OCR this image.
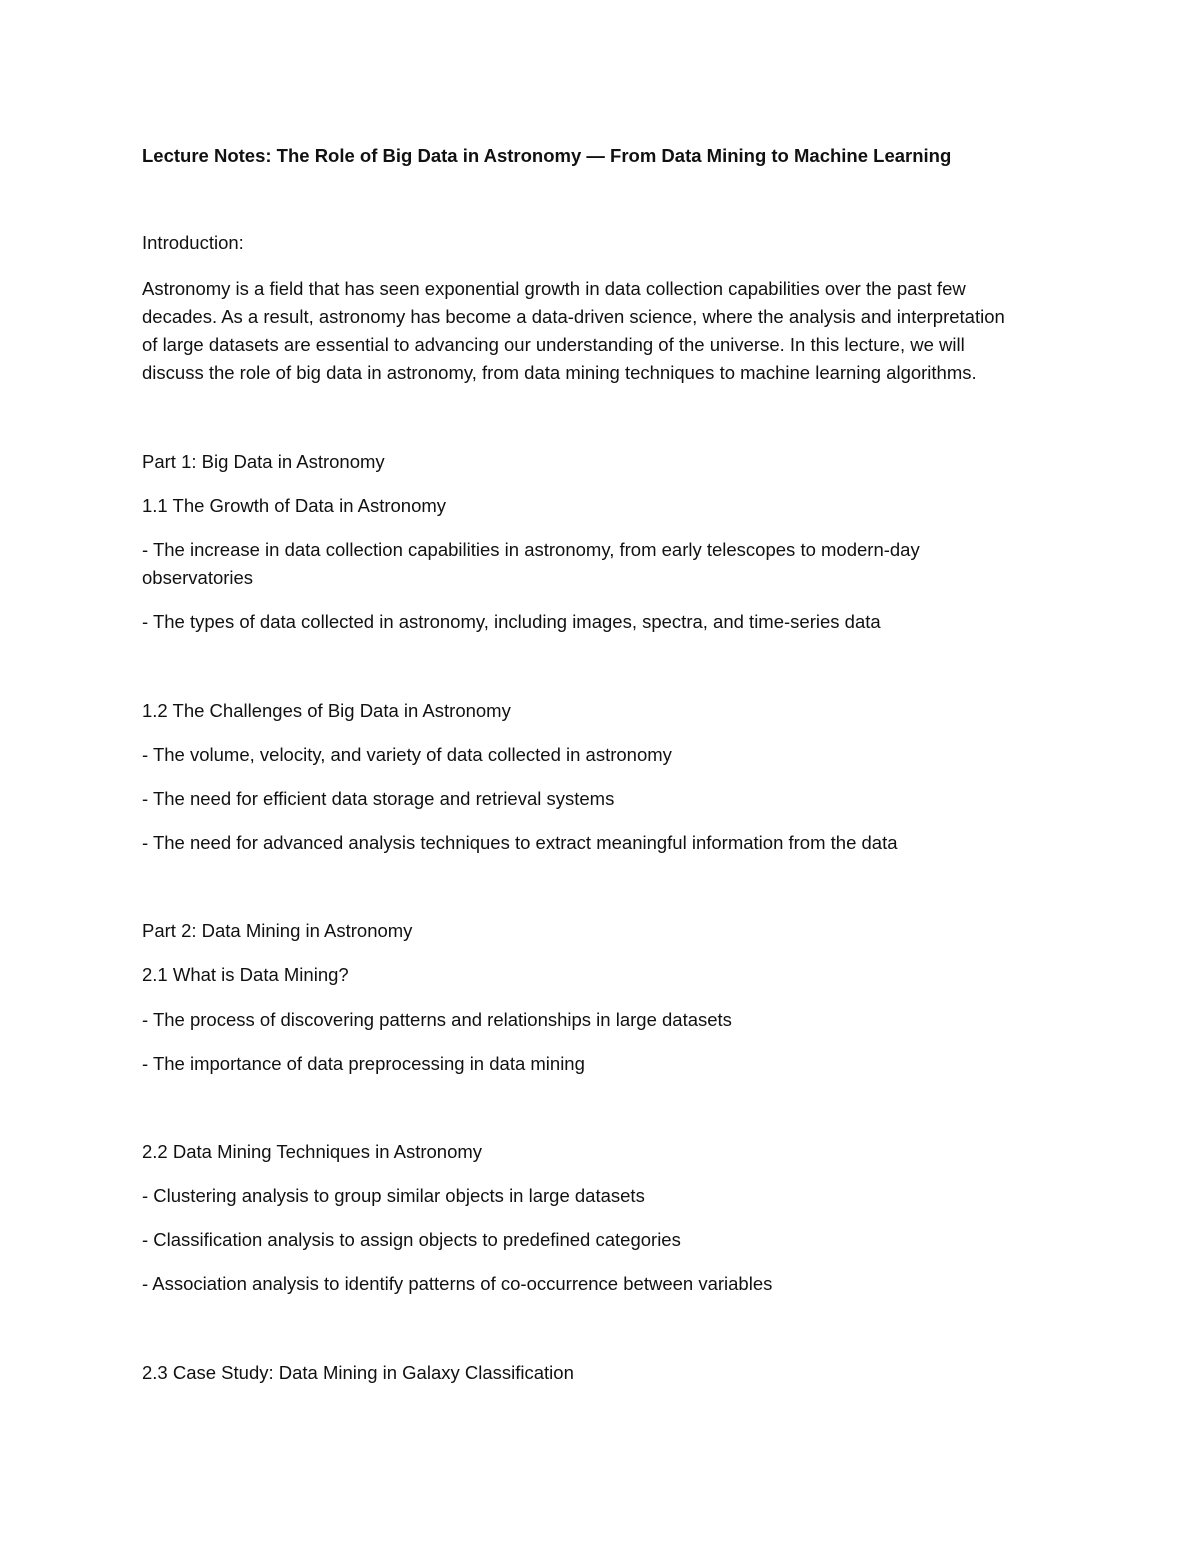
Lecture Notes: The Role of Big Data in Astronomy — From Data Mining to Machine Learning

Introduction:

Astronomy is a field that has seen exponential growth in data collection capabilities over the past few

decades. As a result, astronomy has become a data-driven science, where the analysis and interpretation

of large datasets are essential to advancing our understanding of the universe. In this lecture, we will

discuss the role of big data in astronomy, from data mining techniques to machine learning algorithms.

Part 1: Big Data in Astronomy

1.1 The Growth of Data in Astronomy

- The increase in data collection capabilities in astronomy, from early telescopes to modern-day

observatories

- The types of data collected in astronomy, including images, spectra, and time-series data

1.2 The Challenges of Big Data in Astronomy

- The volume, velocity, and variety of data collected in astronomy

- The need for efficient data storage and retrieval systems

- The need for advanced analysis techniques to extract meaningful information from the data

Part 2: Data Mining in Astronomy

2.1 What is Data Mining?

- The process of discovering patterns and relationships in large datasets

- The importance of data preprocessing in data mining

2.2 Data Mining Techniques in Astronomy

- Clustering analysis to group similar objects in large datasets

- Classification analysis to assign objects to predefined categories

- Association analysis to identify patterns of co-occurrence between variables

2.3 Case Study: Data Mining in Galaxy Classification
